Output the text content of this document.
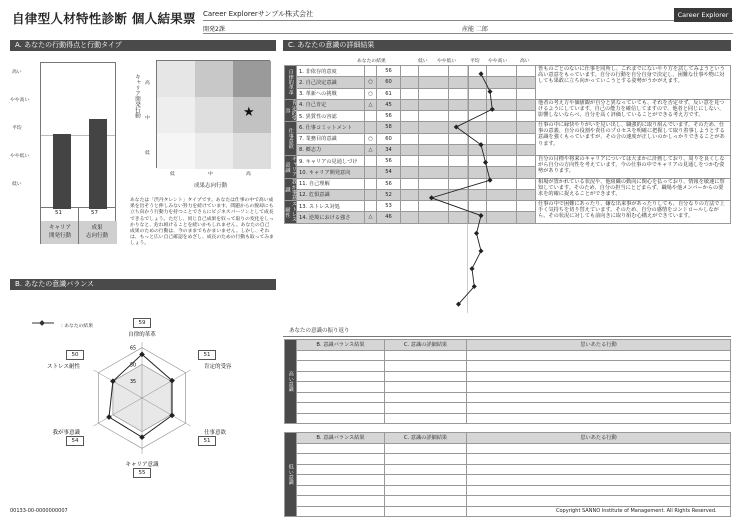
自律型人材特性診断 個人結果票 Career Explorerサンプル株式会社
開発2課	産能 二郎
Career Explorer
A. あなたの行動得点と行動タイプ
高い
やや高い
平均
やや低い
低い
51	57
キャリア
開発行動
成果
志向行動
キャリア開発行動 高
中
低
★
低	中	高
成果志向行動
あなたは「渋丹タレント」タイプです。あなたは仕事の中で高い成果を出そうと伸しみない努力を続けています。問題からの脱却にも立ち向かう行動力を持つことでさらにビジネスパーソンとして成長できるでしょう。ただし、同じ自己成果を収って取りの変化をしっかりなと、危れ組けることを続いかもしれません。あなたの自己成果のための行動は、今のままでもかまいません。しかし、それは、もっと広い自己確認をめざし、成長のための行動も取ってみましょう。
B. あなたの意識バランス
: あなたの結果
65
50
35
自律的革革
肯定的受容
仕事意欲
キャリア意識
我が事意識
ストレス耐性
59
51
51
55
54
50
C. あなたの意識の詳細結果
あなたの結果	低い やや低い	平均 やや高い	高い
自律的革革	1. 非依存的意度		56							皆ものごとのないに仕事を同所し、これまでにないやり方を試してみようという高い意意をもっています。自分の行動を自分自身で決定し、困難な仕事や物に対しても果敢に立ち向かっていこうとする姿勢がうかがえます。
	2. 自己決定意識	○	60							
	3. 革新への挑戦	○	61							
肯定的受容	4. 自己肯定	△	45							他者の考え方や価値観が自分と異なっていても、それを否定せず、反い意を見つけるようにしています。自己の能力を確信してますので、他者と同じにしない、影響しないならべ、自分を高く評価していることができる考え方です。
	5. 異質性の容認		56							
仕事意欲	6. 仕事コミットメント		58							仕事の中に縁快やりがいを見い出し、職強的に取り組んでいます。そのため、仕事の意義、自分の役割や責任のプロセスを明確に把握して取り着事しようとする意識を強くもっていますが、その合の速度が正しいのかしっかりできることがあります。
	7. 業務目的意識	○	60							
	8. 郷志力	△	34							
キャリア意識	9. キャリアの見通しづけ		56							自分の目標や将来のキャリアについては大まかに計画しており、周りを良くしながら自分の方向性を考えています。今の仕事の中でキャリアの見通しをつかむ姿勢があります。
	10. キャリア開発意向		54							
我が事意識	11. 自己理解		56							相場が置かれている状況や、他組織の動向に関心を払っており、情報を敏速に察知しています。そのため、自分の担当にとどまらず、職場や他メンバーからの要求を的確に捉えることができます。
	12. 危惧意識		52							
ストレス耐性	13. ストレス対処		53							仕事の中で困難にあったり、嫌な出来事があったりしても、自分なりの方法で上手く気持ちを切り替えています。そのため、自分の感情をコントロールしながら、その状況に対しても前向きに取り組む心構えができています。
	14. 逆境における強さ	△	46							
あなたの意識の振り返り
高い意識	B. 意識バランス結果	C. 意識の詳細結果	思いあたる行動

低い意識	B. 意識バランス結果	C. 意識の詳細結果	思いあたる行動

00133-00-0000000007	Copyright SANNO Institute of Management. All Rights Reserved.
